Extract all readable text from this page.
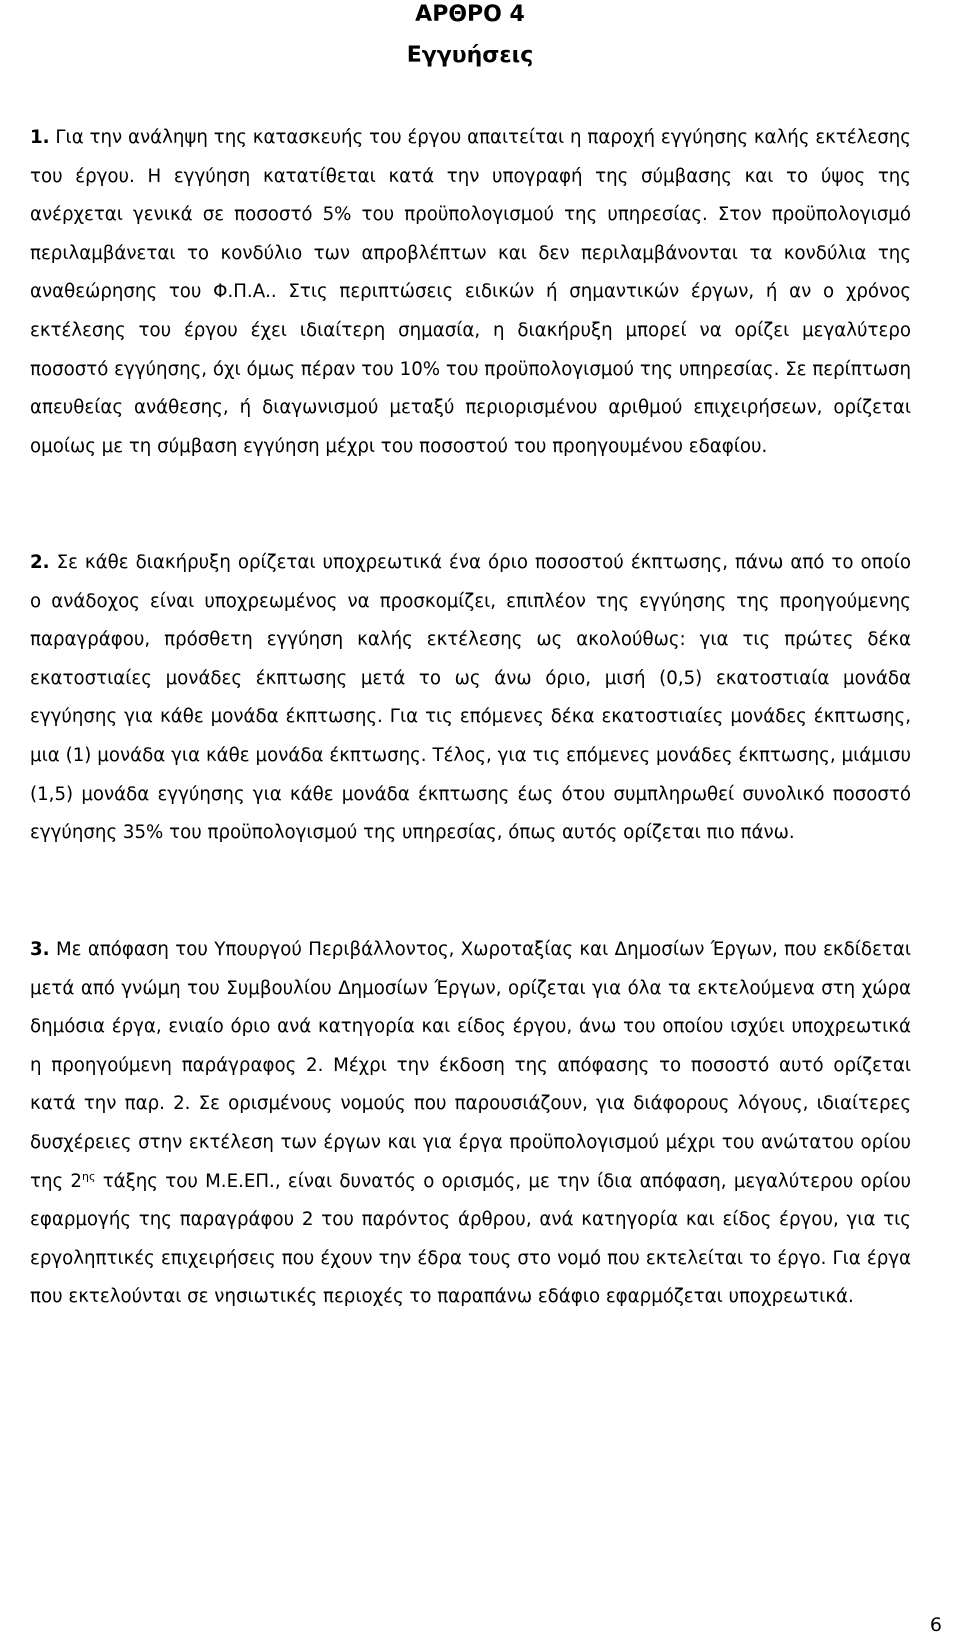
ΑΡΘΡΟ 4
Εγγυήσεις

1. Για την ανάληψη της κατασκευής του έργου απαιτείται η παροχή εγγύησης καλής εκτέλεσης του έργου. Η εγγύηση κατατίθεται κατά την υπογραφή της σύμβασης και το ύψος της ανέρχεται γενικά σε ποσοστό 5% του προϋπολογισμού της υπηρεσίας. Στον προϋπολογισμό περιλαμβάνεται το κονδύλιο των απροβλέπτων και δεν περιλαμβάνονται τα κονδύλια της αναθεώρησης του Φ.Π.Α.. Στις περιπτώσεις ειδικών ή σημαντικών έργων, ή αν ο χρόνος εκτέλεσης του έργου έχει ιδιαίτερη σημασία, η διακήρυξη μπορεί να ορίζει μεγαλύτερο ποσοστό εγγύησης, όχι όμως πέραν του 10% του προϋπολογισμού της υπηρεσίας. Σε περίπτωση απευθείας ανάθεσης, ή διαγωνισμού μεταξύ περιορισμένου αριθμού επιχειρήσεων, ορίζεται ομοίως με τη σύμβαση εγγύηση μέχρι του ποσοστού του προηγουμένου εδαφίου.

2. Σε κάθε διακήρυξη ορίζεται υποχρεωτικά ένα όριο ποσοστού έκπτωσης, πάνω από το οποίο ο ανάδοχος είναι υποχρεωμένος να προσκομίζει, επιπλέον της εγγύησης της προηγούμενης παραγράφου, πρόσθετη εγγύηση καλής εκτέλεσης ως ακολούθως: για τις πρώτες δέκα εκατοστιαίες μονάδες έκπτωσης μετά το ως άνω όριο, μισή (0,5) εκατοστιαία μονάδα εγγύησης για κάθε μονάδα έκπτωσης. Για τις επόμενες δέκα εκατοστιαίες μονάδες έκπτωσης, μια (1) μονάδα για κάθε μονάδα έκπτωσης. Τέλος, για τις επόμενες μονάδες έκπτωσης, μιάμισυ (1,5) μονάδα εγγύησης για κάθε μονάδα έκπτωσης έως ότου συμπληρωθεί συνολικό ποσοστό εγγύησης 35% του προϋπολογισμού της υπηρεσίας, όπως αυτός ορίζεται πιο πάνω.

3. Με απόφαση του Υπουργού Περιβάλλοντος, Χωροταξίας και Δημοσίων Έργων, που εκδίδεται μετά από γνώμη του Συμβουλίου Δημοσίων Έργων, ορίζεται για όλα τα εκτελούμενα στη χώρα δημόσια έργα, ενιαίο όριο ανά κατηγορία και είδος έργου, άνω του οποίου ισχύει υποχρεωτικά η προηγούμενη παράγραφος 2. Μέχρι την έκδοση της απόφασης το ποσοστό αυτό ορίζεται κατά την παρ. 2. Σε ορισμένους νομούς που παρουσιάζουν, για διάφορους λόγους, ιδιαίτερες δυσχέρειες στην εκτέλεση των έργων και για έργα προϋπολογισμού μέχρι του ανώτατου ορίου της $2^{\eta\varsigma}$ τάξης του Μ.Ε.ΕΠ., είναι δυνατός ο ορισμός, με την ίδια απόφαση, μεγαλύτερου ορίου εφαρμογής της παραγράφου 2 του παρόντος άρθρου, ανά κατηγορία και είδος έργου, για τις εργοληπτικές επιχειρήσεις που έχουν την έδρα τους στο νομό που εκτελείται το έργο. Για έργα που εκτελούνται σε νησιωτικές περιοχές το παραπάνω εδάφιο εφαρμόζεται υποχρεωτικά.

6
